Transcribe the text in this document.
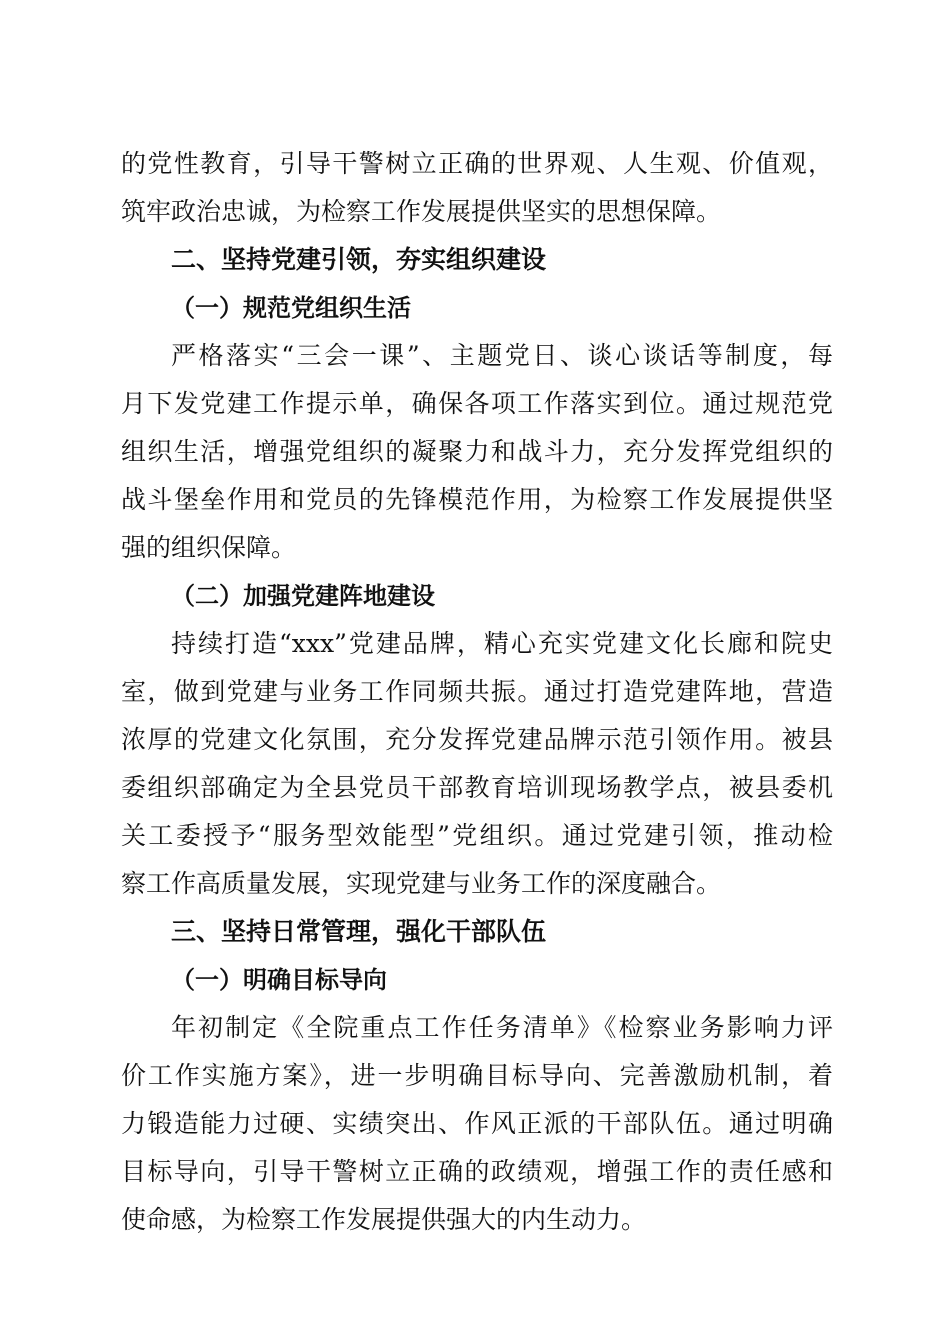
的党性教育，引导干警树立正确的世界观、人生观、价值观，
筑牢政治忠诚，为检察工作发展提供坚实的思想保障。
二、坚持党建引领，夯实组织建设
（一）规范党组织生活
严格落实“三会一课”、主题党日、谈心谈话等制度，每
月下发党建工作提示单，确保各项工作落实到位。通过规范党
组织生活，增强党组织的凝聚力和战斗力，充分发挥党组织的
战斗堡垒作用和党员的先锋模范作用，为检察工作发展提供坚
强的组织保障。
（二）加强党建阵地建设
持续打造“xxx”党建品牌，精心充实党建文化长廊和院史
室，做到党建与业务工作同频共振。通过打造党建阵地，营造
浓厚的党建文化氛围，充分发挥党建品牌示范引领作用。被县
委组织部确定为全县党员干部教育培训现场教学点，被县委机
关工委授予“服务型效能型”党组织。通过党建引领，推动检
察工作高质量发展，实现党建与业务工作的深度融合。
三、坚持日常管理，强化干部队伍
（一）明确目标导向
年初制定《全院重点工作任务清单》《检察业务影响力评
价工作实施方案》，进一步明确目标导向、完善激励机制，着
力锻造能力过硬、实绩突出、作风正派的干部队伍。通过明确
目标导向，引导干警树立正确的政绩观，增强工作的责任感和
使命感，为检察工作发展提供强大的内生动力。
